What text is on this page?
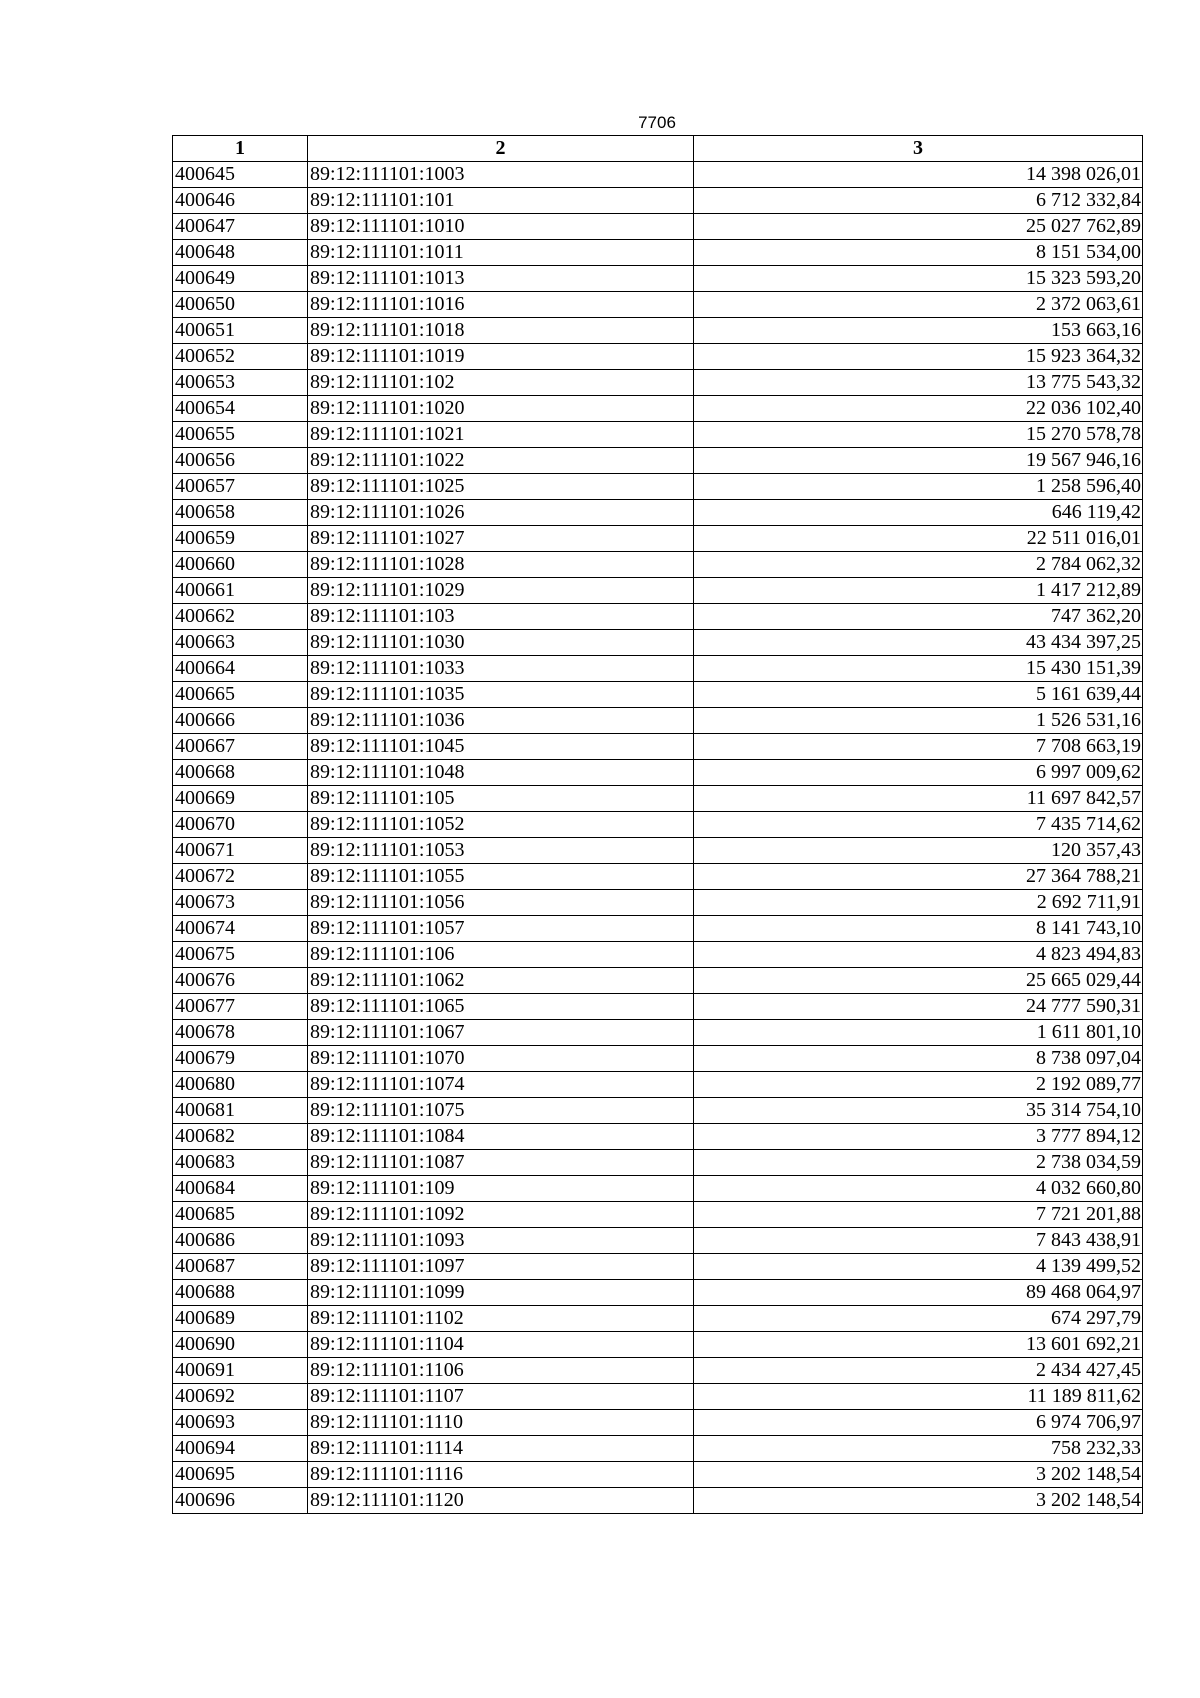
7706
1	2	3
400645	89:12:111101:1003	14 398 026,01
400646	89:12:111101:101	6 712 332,84
400647	89:12:111101:1010	25 027 762,89
400648	89:12:111101:1011	8 151 534,00
400649	89:12:111101:1013	15 323 593,20
400650	89:12:111101:1016	2 372 063,61
400651	89:12:111101:1018	153 663,16
400652	89:12:111101:1019	15 923 364,32
400653	89:12:111101:102	13 775 543,32
400654	89:12:111101:1020	22 036 102,40
400655	89:12:111101:1021	15 270 578,78
400656	89:12:111101:1022	19 567 946,16
400657	89:12:111101:1025	1 258 596,40
400658	89:12:111101:1026	646 119,42
400659	89:12:111101:1027	22 511 016,01
400660	89:12:111101:1028	2 784 062,32
400661	89:12:111101:1029	1 417 212,89
400662	89:12:111101:103	747 362,20
400663	89:12:111101:1030	43 434 397,25
400664	89:12:111101:1033	15 430 151,39
400665	89:12:111101:1035	5 161 639,44
400666	89:12:111101:1036	1 526 531,16
400667	89:12:111101:1045	7 708 663,19
400668	89:12:111101:1048	6 997 009,62
400669	89:12:111101:105	11 697 842,57
400670	89:12:111101:1052	7 435 714,62
400671	89:12:111101:1053	120 357,43
400672	89:12:111101:1055	27 364 788,21
400673	89:12:111101:1056	2 692 711,91
400674	89:12:111101:1057	8 141 743,10
400675	89:12:111101:106	4 823 494,83
400676	89:12:111101:1062	25 665 029,44
400677	89:12:111101:1065	24 777 590,31
400678	89:12:111101:1067	1 611 801,10
400679	89:12:111101:1070	8 738 097,04
400680	89:12:111101:1074	2 192 089,77
400681	89:12:111101:1075	35 314 754,10
400682	89:12:111101:1084	3 777 894,12
400683	89:12:111101:1087	2 738 034,59
400684	89:12:111101:109	4 032 660,80
400685	89:12:111101:1092	7 721 201,88
400686	89:12:111101:1093	7 843 438,91
400687	89:12:111101:1097	4 139 499,52
400688	89:12:111101:1099	89 468 064,97
400689	89:12:111101:1102	674 297,79
400690	89:12:111101:1104	13 601 692,21
400691	89:12:111101:1106	2 434 427,45
400692	89:12:111101:1107	11 189 811,62
400693	89:12:111101:1110	6 974 706,97
400694	89:12:111101:1114	758 232,33
400695	89:12:111101:1116	3 202 148,54
400696	89:12:111101:1120	3 202 148,54
